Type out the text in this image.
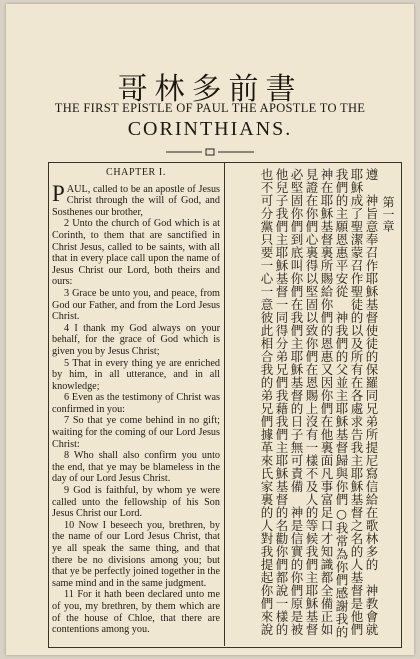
哥林多前書
THE FIRST EPISTLE OF PAUL THE APOSTLE TO THE
CORINTHIANS.
CHAPTER I.

PAUL, called to be an apostle of Jesus Christ through the will of God, and Sosthenes our brother,

2 Unto the church of God which is at Corinth, to them that are sanctified in Christ Jesus, called to be saints, with all that in every place call upon the name of Jesus Christ our Lord, both theirs and ours:

3 Grace be unto you, and peace, from God our Father, and from the Lord Jesus Christ.

4 I thank my God always on your behalf, for the grace of God which is given you by Jesus Christ;

5 That in every thing ye are enriched by him, in all utterance, and in all knowledge;

6 Even as the testimony of Christ was confirmed in you:

7 So that ye come behind in no gift; waiting for the coming of our Lord Jesus Christ:

8 Who shall also confirm you unto the end, that ye may be blameless in the day of our Lord Jesus Christ.

9 God is faithful, by whom ye were called unto the fellowship of his Son Jesus Christ our Lord.

10 Now I beseech you, brethren, by the name of our Lord Jesus Christ, that ye all speak the same thing, and that there be no divisions among you; but that ye be perfectly joined together in the same mind and in the same judgment.

11 For it hath been declared unto me of you, my brethren, by them which are of the house of Chloe, that there are contentions among you.

第一章
遵　神旨意奉召作耶穌基督使徒的保羅同兄弟所提尼寫信給在歌林多的　神教會就
耶穌成了聖潔蒙召作聖徒的以及所有在各處求告我主耶穌基督之名的人基督是他們
我們的主願恩惠平安從　神我們的父並主耶穌基督歸與你們○我常為你們感謝我的　　
神在耶穌基督裏所賜給你們的恩惠又因你們在他裏面凡事富足口才知識都全備正如
見證在你們心裏得以堅固以致你們在恩賜上沒有一樣不及人的等候我們主耶穌基督
必堅固你們到底叫你們在我們主耶穌基督的日子無可責備　神是信實的你們原是被
他兒子我們主耶穌基督一同得分弟兄們我藉我們主耶穌基督的名勸你們都說一樣的
也不可分黨只要一心一意彼此相合我的弟兄們據革來氏家裏的人對我提起你們來說
